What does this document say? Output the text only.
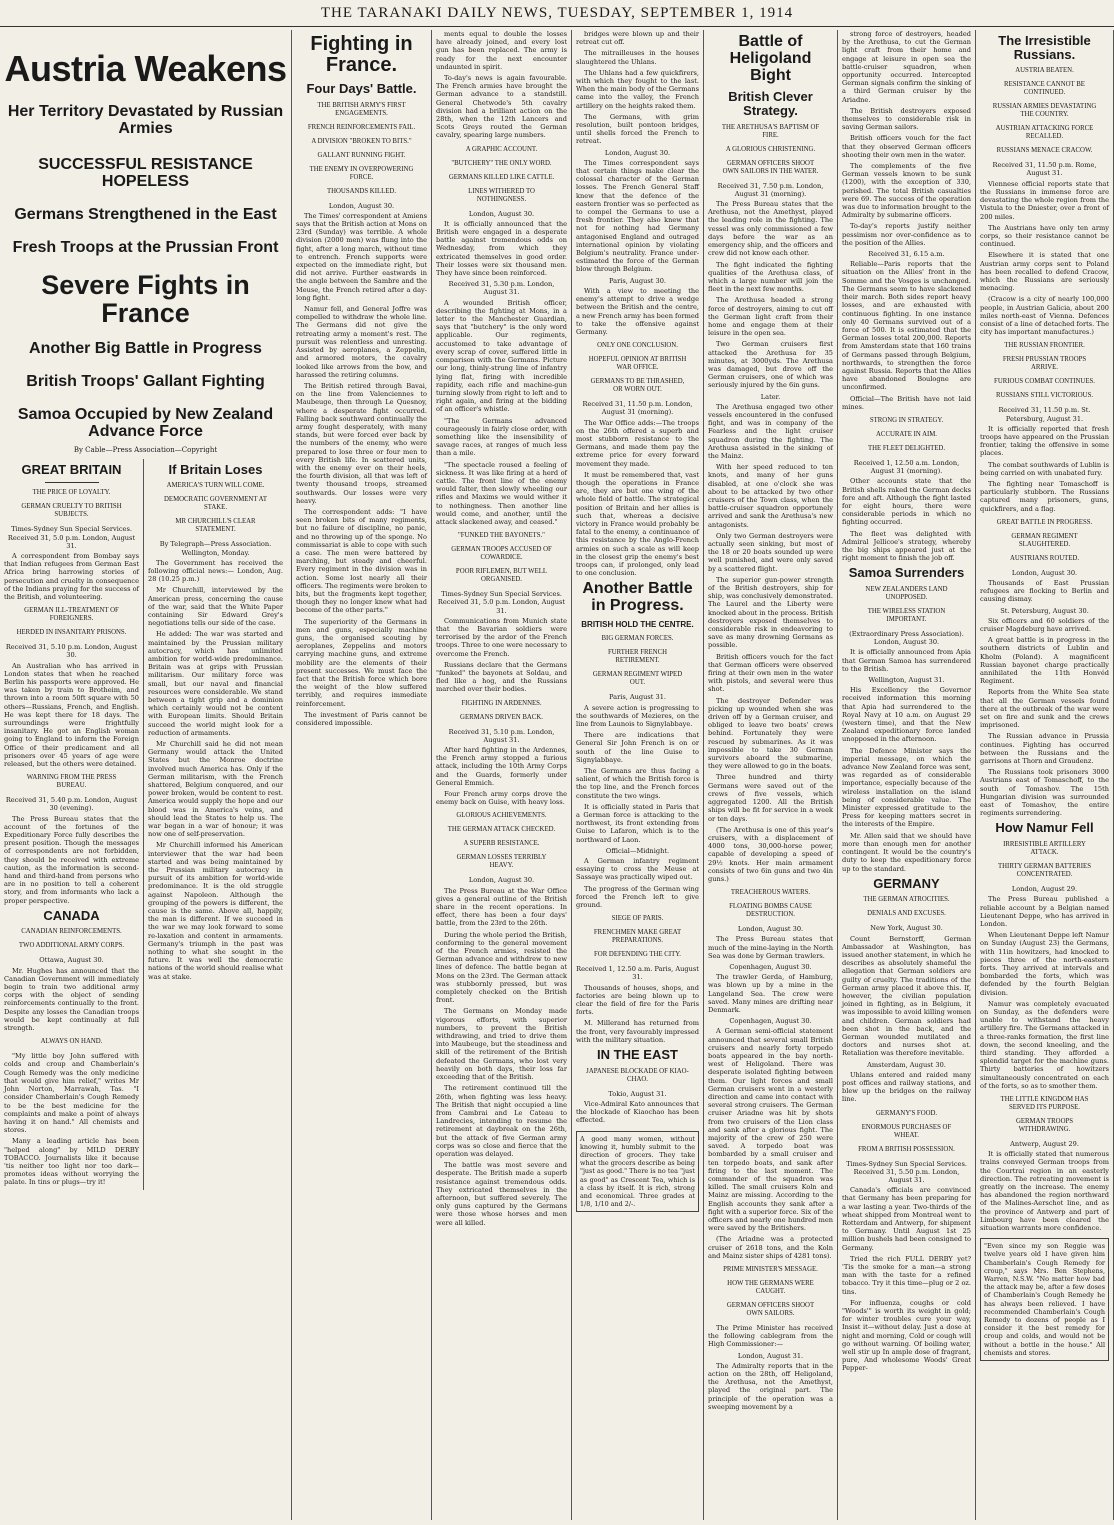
THE TARANAKI DAILY NEWS, TUESDAY, SEPTEMBER 1, 1914
Austria Weakens
Her Territory Devastated by Russian Armies
SUCCESSFUL RESISTANCE HOPELESS
Germans Strengthened in the East
Fresh Troops at the Prussian Front
Severe Fights in France
Another Big Battle in Progress
British Troops' Gallant Fighting
Samoa Occupied by New Zealand Advance Force
By Cable—Press Association—Copyright
GREAT BRITAIN
THE PRICE OF LOYALTY.
GERMAN CRUELTY TO BRITISH SUBJECTS.
Times-Sydney Sun Special Services. Received 31, 5.0 p.m. London, August 31.

A correspondent from Bombay says that Indian refugees from German East Africa bring harrowing stories of persecution and cruelty in consequence of the Indians praying for the success of the British, and volunteering.

GERMAN ILL-TREATMENT OF FOREIGNERS.
HERDED IN INSANITARY PRISONS.
Received 31, 5.10 p.m. London, August 30.

An Australian who has arrived in London states that when he reached Berlin his passports were approved. He was taken by train to Brotheim, and thrown into a room 50ft square with 50 others—Russians, French, and English. He was kept there for 18 days. The surroundings were frightfully insanitary. He got an English woman going to England to inform the Foreign Office of their predicament and all prisoners over 45 years of age were released, but the others were detained.

WARNING FROM THE PRESS BUREAU.
Received 31, 5.40 p.m. London, August 30 (evening).

The Press Bureau states that the account of the fortunes of the Expeditionary Force fully describes the present position. Though the messages of correspondents are not forbidden, they should be received with extreme caution, as the information is second-hand and third-hand from persons who are in no position to tell a coherent story, and from informants who lack a proper perspective.

CANADA
CANADIAN REINFORCEMENTS.
TWO ADDITIONAL ARMY CORPS.
Ottawa, August 30.

Mr. Hughes has announced that the Canadian Government will immediately begin to train two additional army corps with the object of sending reinforcements continually to the front. Despite any losses the Canadian troops would be kept continually at full strength.

ALWAYS ON HAND.

"My little boy John suffered with colds and croup and Chamberlain's Cough Remedy was the only medicine that would give him relief," writes Mr John Norton, Marrawah, Tas. "I consider Chamberlain's Cough Remedy to be the best medicine for the complaints and make a point of always having it on hand." All chemists and stores.

Many a leading article has been "helped along" by MILD DERBY TOBACCO. Journalists like it because 'tis neither too light nor too dark—promotes ideas without worrying the palate. In tins or plugs—try it!

If Britain Loses
AMERICA'S TURN WILL COME.
DEMOCRATIC GOVERNMENT AT STAKE.
MR CHURCHILL'S CLEAR STATEMENT.
By Telegraph—Press Association. Wellington, Monday.

The Government has received the following official news:— London, Aug. 28 (10.25 p.m.)

Mr Churchill, interviewed by the American press, concerning the cause of the war, said that the White Paper containing Sir Edward Grey's negotiations tells our side of the case.

He added: The war was started and maintained by the Prussian military autocracy, which has unlimited ambition for world-wide predominance. Britain was at grips with Prussian militarism. Our military force was small, but our naval and financial resources were considerable. We stand between a tight grip and a dominion which certainly would not be content with European limits. Should Britain succeed the world might look for a reduction of armaments.

Mr Churchill said he did not mean Germany would attack the United States but the Monroe doctrine involved much America has. Only if the German militarism, with the French shattered, Belgium conquered, and our power broken, would be content to rest. America would supply the hope and our blood was in America's veins, and should lead the States to help us. The war began in a war of honour; it was now one of self-preservation.

Mr Churchill informed his American interviewer that the war had been started and was being maintained by the Prussian military autocracy in pursuit of its ambition for world-wide predominance. It is the old struggle against Napoleon. Although the grouping of the powers is different, the cause is the same. Above all, happily, the man is different. If we succeed in the war we may look forward to some re-laxation and content in armaments. Germany's triumph in the past was nothing to what she sought in the future. It was well the democratic nations of the world should realise what was at stake.

Fighting in France.
Four Days' Battle.
THE BRITISH ARMY'S FIRST ENGAGEMENTS.
FRENCH REINFORCEMENTS FAIL.
A DIVISION "BROKEN TO BITS."
GALLANT RUNNING FIGHT.
THE ENEMY IN OVERPOWERING FORCE.
THOUSANDS KILLED.
London, August 30.

The Times' correspondent at Amiens says that the British action at Mons on 23rd (Sunday) was terrible. A whole division (2000 men) was flung into the fight, after a long march, without time to entrench. French supports were expected on the immediate right, but did not arrive. Further eastwards in the angle between the Sambre and the Meuse, the French retired after a day-long fight.

Namur fell, and General Joffre was compelled to withdraw the whole line. The Germans did not give the retreating army a moment's rest. The pursuit was relentless and unresting. Assisted by aeroplanes, a Zeppelin, and armored motors, the cavalry looked like arrows from the bow, and harassed the retiring columns.

The British retired through Bavai, on the line from Valenciennes to Maubeuge, then through Le Quesnoy, where a desperate fight occurred. Falling back southward continually the army fought desperately, with many stands, but were forced ever back by the numbers of the enemy, who were prepared to lose three or four men to every British life. In scattered units, with the enemy ever on their heels, the fourth division, all that was left of twenty thousand troops, streamed southwards. Our losses were very heavy.

The correspondent adds: "I have seen broken bits of many regiments, but no failure of discipline, no panic, and no throwing up of the sponge. No commissariat is able to cope with such a case. The men were battered by marching, but steady and cheerful. Every regiment in the division was in action. Some lost nearly all their officers. The regiments were broken to bits, but the fragments kept together, though they no longer knew what had become of the other parts."

The superiority of the Germans in men and guns, especially machine guns, the organised scouting by aeroplanes, Zeppelins and motors carrying machine guns, and extreme mobility are the elements of their present successes. We must face the fact that the British force which bore the weight of the blow suffered terribly, and requires immediate reinforcement.

The investment of Paris cannot be considered impossible.

ments equal to double the losses have already joined, and every lost gun has been replaced. The army is ready for the next encounter undaunted in spirit.

To-day's news is again favourable. The French armies have brought the German advance to a standstill. General Chetwode's 5th cavalry division had a brilliant action on the 28th, when the 12th Lancers and Scots Greys routed the German cavalry, spearing large numbers.

A GRAPHIC ACCOUNT.
"BUTCHERY" THE ONLY WORD.
GERMANS KILLED LIKE CATTLE.
LINES WITHERED TO NOTHINGNESS.
London, August 30.

It is officially announced that the British were engaged in a desperate battle against tremendous odds on Wednesday, from which they extricated themselves in good order. Their losses were six thousand men. They have since been reinforced.

Received 31, 5.30 p.m. London, August 31.

A wounded British officer, describing the fighting at Mons, in a letter to the Manchester Guardian, says that "butchery" is the only word applicable. Our regiments, accustomed to take advantage of every scrap of cover, suffered little in comparison with the Germans. Picture our long, thinly-strung line of infantry lying flat, firing with incredible rapidity, each rifle and machine-gun turning slowly from right to left and to right again, and firing at the bidding of an officer's whistle.

"The Germans advanced courageously in fairly close order, with something like the insensibility of savage races, at ranges of much less than a mile.

"The spectacle roused a feeling of sickness. It was like firing at a herd of cattle. The front line of the enemy would falter, then slowly wheeling our rifles and Maxims we would wither it to nothingness. Then another line would come, and another, until the attack slackened away, and ceased."

"FUNKED THE BAYONETS."
GERMAN TROOPS ACCUSED OF COWARDICE.
POOR RIFLEMEN, BUT WELL ORGANISED.
Times-Sydney Sun Special Services. Received 31, 5.0 p.m. London, August 31.

Communications from Munich state that the Bavarian soldiers were terrorised by the ardor of the French troops. Three to one were necessary to overcome the French.

Russians declare that the Germans "funked" the bayonets at Soldau, and fled like a hog, and the Russians marched over their bodies.

FIGHTING IN ARDENNES.
GERMANS DRIVEN BACK.
Received 31, 5.10 p.m. London, August 31.

After hard fighting in the Ardennes, the French army stopped a furious attack, including the 10th Army Corps and the Guards, formerly under General Emmich.

Four French army corps drove the enemy back on Guise, with heavy loss.

GLORIOUS ACHIEVEMENTS.
THE GERMAN ATTACK CHECKED.
A SUPERB RESISTANCE.
GERMAN LOSSES TERRIBLY HEAVY.
London, August 30.

The Press Bureau at the War Office gives a general outline of the British share in the recent operations. In effect, there has been a four days' battle, from the 23rd to the 26th.

During the whole period the British, conforming to the general movement of the French armies, resisted the German advance and withdrew to new lines of defence. The battle began at Mons on the 23rd. The German attack was stubbornly pressed, but was completely checked on the British front.

The Germans on Monday made vigorous efforts, with superior numbers, to prevent the British withdrawing, and tried to drive them into Maubeuge, but the steadiness and skill of the retirement of the British defeated the Germans, who lost very heavily on both days, their loss far exceeding that of the British.

The retirement continued till the 26th, when fighting was less heavy. The British that night occupied a line from Cambrai and Le Cateau to Landrecies, intending to resume the retirement at daybreak on the 26th, but the attack of five German army corps was so close and fierce that the operation was delayed.

The battle was most severe and desperate. The British made a superb resistance against tremendous odds. They extricated themselves in the afternoon, but suffered severely. The only guns captured by the Germans were those whose horses and men were all killed.

bridges were blown up and their retreat cut off.

The mitrailleuses in the houses slaughtered the Uhlans.

The Uhlans had a few quickfirers, with which they fought to the last. When the main body of the Germans came into the valley, the French artillery on the heights raked them.

The Germans, with grim resolution, built pontoon bridges, until shells forced the French to retreat.

London, August 30.

The Times correspondent says that certain things make clear the colossal character of the German losses. The French General Staff knew that the defence of the eastern frontier was so perfected as to compel the Germans to use a fresh frontier. They also knew that not for nothing had Germany antagonised England and outraged international opinion by violating Belgium's neutrality. France under-estimated the force of the German blow through Belgium.

Paris, August 30.

With a view to meeting the enemy's attempt to drive a wedge between the British and the centre, a new French army has been formed to take the offensive against Germany.

ONLY ONE CONCLUSION.
HOPEFUL OPINION AT BRITISH WAR OFFICE.
GERMANS TO BE THRASHED, OR WORN OUT.
Received 31, 11.50 p.m. London, August 31 (morning).

The War Office adds:—The troops on the 26th offered a superb and most stubborn resistance to the Germans, and made them pay the extreme price for every forward movement they made.

It must be remembered that, vast though the operations in France are, they are but one wing of the whole field of battle. The strategical position of Britain and her allies is such that, whereas a decisive victory in France would probably be fatal to the enemy, a continuance of this resistance by the Anglo-French armies on such a scale as will keep in the closest grip the enemy's best troops can, if prolonged, only lead to one conclusion.

Another Battle in Progress.
BRITISH HOLD THE CENTRE.
BIG GERMAN FORCES.
FURTHER FRENCH RETIREMENT.
GERMAN REGIMENT WIPED OUT.
Paris, August 31.

A severe action is progressing to the southwards of Mezieres, on the line from Launois to Signylabbaye.

There are indications that General Sir John French is on or south of the line Guise to Signylabbaye.

The Germans are thus facing a salient, of which the British force is the top line, and the French forces constitute the two wings.

It is officially stated in Paris that a German force is attacking to the northwest, its front extending from Guise to Lafaron, which is to the northward of Laon.

Official—Midnight.

A German infantry regiment essaying to cross the Meuse at Sassaye was practically wiped out.

The progress of the German wing forced the French left to give ground.

SIEGE OF PARIS.
FRENCHMEN MAKE GREAT PREPARATIONS.
FOR DEFENDING THE CITY.
Received 1, 12.50 a.m. Paris, August 31.

Thousands of houses, shops, and factories are being blown up to clear the field of fire for the Paris forts.

M. Millerand has returned from the front, very favourably impressed with the military situation.

IN THE EAST
JAPANESE BLOCKADE OF KIAO-CHAO.
Tokio, August 31.

Vice-Admiral Kato announces that the blockade of Kiaochao has been effected.

A good many women, without knowing it, humbly submit to the direction of grocers. They take what the grocers describe as being "just as good." There is no tea "just as good" as Crescent Tea, which is a class by itself. It is rich, strong and economical. Three grades at 1/8, 1/10 and 2/-.
Battle of Heligoland Bight
British Clever Strategy.
THE ARETHUSA'S BAPTISM OF FIRE.
A GLORIOUS CHRISTENING.
GERMAN OFFICERS SHOOT OWN SAILORS IN THE WATER.
Received 31, 7.50 p.m. London, August 31 (morning).

The Press Bureau states that the Arethusa, not the Amethyst, played the leading role in the fighting. The vessel was only commissioned a few days before the war as an emergency ship, and the officers and crew did not know each other.

The fight indicated the fighting qualities of the Arethusa class, of which a large number will join the fleet in the next few months.

The Arethusa headed a strong force of destroyers, aiming to cut off the German light craft from their home and engage them at their leisure in the open sea.

Two German cruisers first attacked the Arethusa for 35 minutes, at 3000yds. The Arethusa was damaged, but drove off the German cruisers, one of which was seriously injured by the 6in guns.

Later.

The Arethusa engaged two other vessels encountered in the confused fight, and was in company of the Fearless and the light cruiser squadron during the fighting. The Arethusa assisted in the sinking of the Mainz.

With her speed reduced to ten knots, and many of her guns disabled, at one o'clock she was about to be attacked by two other cruisers of the Town class, when the battle-cruiser squadron opportunely arrived and sank the Arethusa's new antagonists.

Only two German destroyers were actually seen sinking, but most of the 18 or 20 boats sounded up were well punished, and were only saved by a scattered flight.

The superior gun-power strength of the British destroyers, ship for ship, was conclusively demonstrated. The Laurel and the Liberty were knocked about in the process. British destroyers exposed themselves to considerable risk in endeavoring to save as many drowning Germans as possible.

British officers vouch for the fact that German officers were observed firing at their own men in the water with pistols, and several were thus shot.

The destroyer Defender was picking up wounded when she was driven off by a German cruiser, and obliged to leave two boats' crews behind. Fortunately they were rescued by submarines. As it was impossible to take 30 German survivors aboard the submarine, they were allowed to go in the boats.

Three hundred and thirty Germans were saved out of the crews of five vessels, which aggregated 1200. All the British ships will be fit for service in a week or ten days.

(The Arethusa is one of this year's cruisers, with a displacement of 4000 tons, 30,000-horse power, capable of developing a speed of 29½ knots. Her main armament consists of two 6in guns and two 4in guns.)

TREACHEROUS WATERS.
FLOATING BOMBS CAUSE DESTRUCTION.
London, August 30.

The Press Bureau states that much of the mine-laying in the North Sea was done by German trawlers.

Copenhagen, August 30.

The trawler Gerda, of Hamburg, was blown up by a mine in the Langeland Sea. The crew were saved. Many mines are drifting near Denmark.

Copenhagen, August 30.

A German semi-official statement announced that several small British cruisers and nearly forty torpedo boats appeared in the bay north-west of Heligoland. There was desperate isolated fighting between them. Our light forces and small German cruisers went in a westerly direction and came into contact with several strong cruisers. The German cruiser Ariadne was hit by shots from two cruisers of the Lion class and sank after a glorious fight. The majority of the crew of 250 were saved. A torpedo boat was bombarded by a small cruiser and ten torpedo boats, and sank after firing to the last moment. The commander of the squadron was killed. The small cruisers Koln and Mainz are missing. According to the English accounts they sank after a fight with a superior force. Six of the officers and nearly one hundred men were saved by the Britishers.

(The Ariadne was a protected cruiser of 2618 tons, and the Koln and Mainz sister ships of 4281 tons).

PRIME MINISTER'S MESSAGE.
HOW THE GERMANS WERE CAUGHT.
GERMAN OFFICERS SHOOT OWN SAILORS.

The Prime Minister has received the following cablegram from the High Commissioner:—

London, August 31.

The Admiralty reports that in the action on the 28th, off Heligoland, the Arethusa, not the Amethyst, played the original part. The principle of the operation was a sweeping movement by a

strong force of destroyers, headed by the Arethusa, to cut the German light craft from their home and engage at leisure in open sea the battle-cruiser squadron, when opportunity occurred. Intercepted German signals confirm the sinking of a third German cruiser by the Ariadne.

The British destroyers exposed themselves to considerable risk in saving German sailors.

British officers vouch for the fact that they observed German officers shooting their own men in the water.

The complements of the five German vessels known to be sunk (1200), with the exception of 330, perished. The total British casualties were 69. The success of the operation was due to information brought to the Admiralty by submarine officers.

To-day's reports justify neither pessimism nor over-confidence as to the position of the Allies.

Received 31, 6.15 a.m.

Reliable—Paris reports that the situation on the Allies' front in the Somme and the Vosges is unchanged. The Germans seem to have slackened their march. Both sides report heavy losses, and are exhausted with continuous fighting. In one instance only 40 Germans survived out of a force of 500. It is estimated that the German losses total 200,000. Reports from Amsterdam state that 160 trains of Germans passed through Belgium, northwards, to strengthen the force against Russia. Reports that the Allies have abandoned Boulogne are unconfirmed.

Official—The British have not laid mines.

STRONG IN STRATEGY.
ACCURATE IN AIM.
THE FLEET DELIGHTED.
Received 1, 12.50 a.m. London, August 31 (morning).

Other accounts state that the British shells raked the German decks fore and aft. Although the fight lasted for eight hours, there were considerable periods in which no fighting occurred.

The fleet was delighted with Admiral Jellicoe's strategy, whereby the big ships appeared just at the right moment to finish the job off.

Samoa Surrenders
NEW ZEALANDERS LAND UNOPPOSED.
THE WIRELESS STATION IMPORTANT.
(Extraordinary Press Association). London, August 30.

It is officially announced from Apia that German Samoa has surrendered to the British.

Wellington, August 31.

His Excellency the Governor received information this morning that Apia had surrendered to the Royal Navy at 10 a.m. on August 29 (western time), and that the New Zealand expeditionary force landed unopposed in the afternoon.

The Defence Minister says the imperial message, on which the advance New Zealand force was sent, was regarded as of considerable importance, especially because of the wireless installation on the island being of considerable value. The Minister expressed gratitude to the Press for keeping matters secret in the interests of the Empire.

Mr. Allen said that we should have more than enough men for another contingent. It would be the country's duty to keep the expeditionary force up to the standard.

GERMANY
THE GERMAN ATROCITIES.
DENIALS AND EXCUSES.
New York, August 30.

Count Bernstorff, German Ambassador at Washington, has issued another statement, in which he describes as absolutely shameful the allegation that German soldiers are guilty of cruelty. The traditions of the German army placed it above this. If, however, the civilian population joined in fighting, as in Belgium, it was impossible to avoid killing women and children. German soldiers had been shot in the back, and the German wounded mutilated and doctors and nurses shot at. Retaliation was therefore inevitable.

Amsterdam, August 30.

Uhlans entered and raided many post offices and railway stations, and blew up the bridges on the railway line.

GERMANY'S FOOD.
ENORMOUS PURCHASES OF WHEAT.
FROM A BRITISH POSSESSION.
Times-Sydney Sun Special Services. Received 31, 5.50 p.m. London, August 31.

Canada's officials are convinced that Germany has been preparing for a war lasting a year. Two-thirds of the wheat shipped from Montreal went to Rotterdam and Antwerp, for shipment to Germany. Until August 1st 25 million bushels had been consigned to Germany.

Tried the rich FULL DERBY yet? 'Tis the smoke for a man—a strong man with the taste for a refined tobacco. Try it this time—plug or 2 oz. tins.

For influenza, coughs or cold "Woods'" is worth its weight in gold; for winter troubles cure your way, Insist it—without delay. Just a dose at night and morning, Cold or cough will go without warning. Of boiling water, well stir up In ample dose of fragrant, pure, And wholesome Woods' Great Pepper-

The Irresistible Russians.
AUSTRIA BEATEN.
RESISTANCE CANNOT BE CONTINUED.
RUSSIAN ARMIES DEVASTATING THE COUNTRY.
AUSTRIAN ATTACKING FORCE RECALLED.
RUSSIANS MENACE CRACOW.
Received 31, 11.50 p.m. Rome, August 31.

Viennese official reports state that the Russians in immense force are devastating the whole region from the Vistula to the Dniester, over a front of 200 miles.

The Austrians have only ten army corps, so their resistance cannot be continued.

Elsewhere it is stated that one Austrian army corps sent to Poland has been recalled to defend Cracow, which the Russians are seriously menacing.

(Cracow is a city of nearly 100,000 people, in Austrian Galicia, about 200 miles north-east of Vienna. Defences consist of a line of detached forts. The city has important manufactures.)

THE RUSSIAN FRONTIER.
FRESH PRUSSIAN TROOPS ARRIVE.
FURIOUS COMBAT CONTINUES.
RUSSIANS STILL VICTORIOUS.
Received 31, 11.50 p.m. St. Petersburg, August 31.

It is officially reported that fresh troops have appeared on the Prussian frontier, taking the offensive in some places.

The combat southwards of Lublin is being carried on with unabated fury.

The fighting near Tomaschoff is particularly stubborn. The Russians captured many prisoners, guns, quickfirers, and a flag.

GREAT BATTLE IN PROGRESS.
GERMAN REGIMENT SLAUGHTERED.
AUSTRIANS ROUTED.
London, August 30.

Thousands of East Prussian refugees are flocking to Berlin and causing dismay.

St. Petersburg, August 30.

Six officers and 60 soldiers of the cruiser Magdeburg have arrived.

A great battle is in progress in the southern districts of Lublin and Kholm (Poland). A magnificent Russian bayonet charge practically annihilated the 11th Honvéd Regiment.

Reports from the White Sea state that all the German vessels found there at the outbreak of the war were set on fire and sunk and the crews imprisoned.

The Russian advance in Prussia continues. Fighting has occurred between the Russians and the garrisons at Thorn and Graudenz.

The Russians took prisoners 3000 Austrians east of Tomaschoff, to the south of Tomashov. The 15th Hungarian division was surrounded east of Tomashov, the entire regiments surrendering.

How Namur Fell
IRRESISTIBLE ARTILLERY ATTACK.
THIRTY GERMAN BATTERIES CONCENTRATED.
London, August 29.

The Press Bureau published a reliable account by a Belgian named Lieutenant Deppe, who has arrived in London.

When Lieutenant Deppe left Namur on Sunday (August 23) the Germans, with 11in howitzers, had knocked to pieces three of the north-eastern forts. They arrived at intervals and bombarded the forts, which was defended by the fourth Belgian division.

Namur was completely evacuated on Sunday, as the defenders were unable to withstand the heavy artillery fire. The Germans attacked in a three-ranks formation, the first line down, the second kneeling, and the third standing. They afforded a splendid target for the machine guns. Thirty batteries of howitzers simultaneously concentrated on each of the forts, so as to smother them.

THE LITTLE KINGDOM HAS SERVED ITS PURPOSE.
GERMAN TROOPS WITHDRAWING.
Antwerp, August 29.

It is officially stated that numerous trains conveyed German troops from the Courtrai region in an easterly direction. The retreating movement is greatly on the increase. The enemy has abandoned the region northward of the Malines-Aerschot line, and as the province of Antwerp and part of Limbourg have been cleared the situation warrants more confidence.

"Even since my son Reggie was twelve years old I have given him Chamberlain's Cough Remedy for croup," says Mrs. Ben Stephens, Warren, N.S.W. "No matter how bad the attack may be, after a few doses of Chamberlain's Cough Remedy he has always been relieved. I have recommended Chamberlain's Cough Remedy to dozens of people as I consider it the best remedy for croup and colds, and would not be without a bottle in the house." All chemists and stores.
